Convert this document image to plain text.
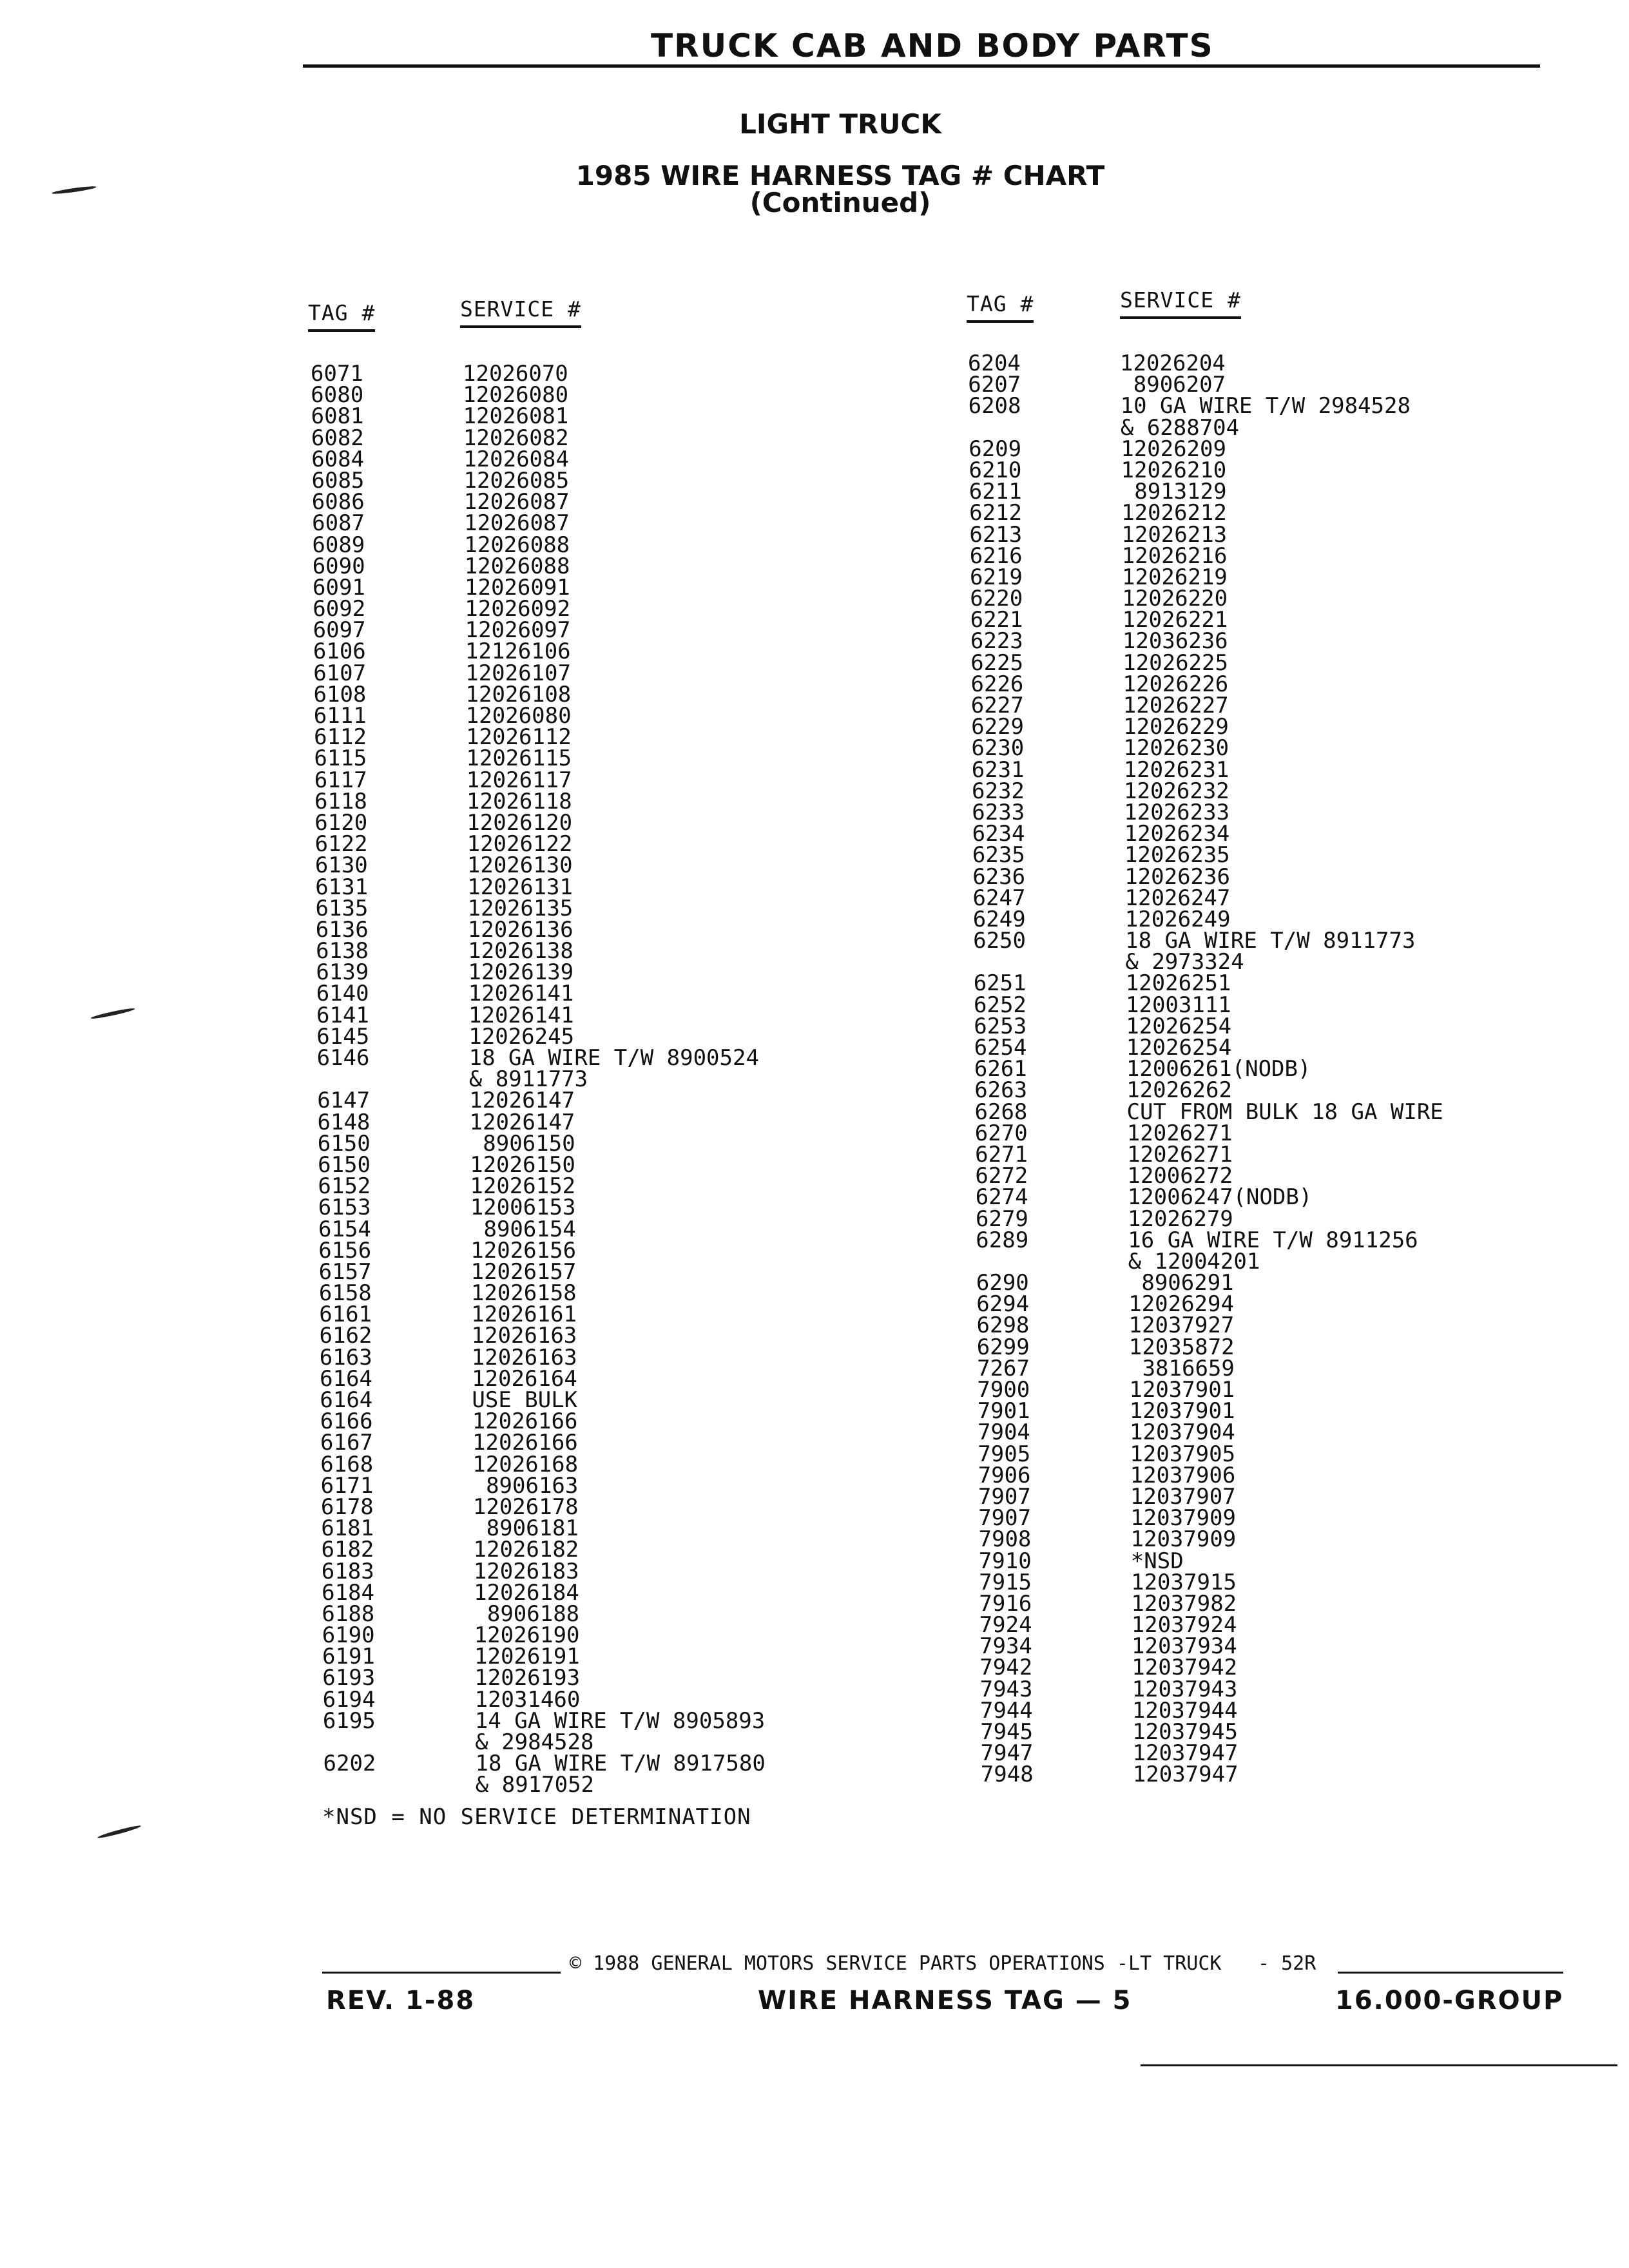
TRUCK CAB AND BODY PARTS
LIGHT TRUCK
1985 WIRE HARNESS TAG # CHART
(Continued)
TAG #	SERVICE #
6071	12026070
6080	12026080
6081	12026081
6082	12026082
6084	12026084
6085	12026085
6086	12026087
6087	12026087
6089	12026088
6090	12026088
6091	12026091
6092	12026092
6097	12026097
6106	12126106
6107	12026107
6108	12026108
6111	12026080
6112	12026112
6115	12026115
6117	12026117
6118	12026118
6120	12026120
6122	12026122
6130	12026130
6131	12026131
6135	12026135
6136	12026136
6138	12026138
6139	12026139
6140	12026141
6141	12026141
6145	12026245
6146	18 GA WIRE T/W 8900524
& 8911773
6147	12026147
6148	12026147
6150	8906150
6150	12026150
6152	12026152
6153	12006153
6154	8906154
6156	12026156
6157	12026157
6158	12026158
6161	12026161
6162	12026163
6163	12026163
6164	12026164
6164	USE BULK
6166	12026166
6167	12026166
6168	12026168
6171	8906163
6178	12026178
6181	8906181
6182	12026182
6183	12026183
6184	12026184
6188	8906188
6190	12026190
6191	12026191
6193	12026193
6194	12031460
6195	14 GA WIRE T/W 8905893
& 2984528
6202	18 GA WIRE T/W 8917580
& 8917052
TAG #	SERVICE #
6204	12026204
6207	8906207
6208	10 GA WIRE T/W 2984528
& 6288704
6209	12026209
6210	12026210
6211	8913129
6212	12026212
6213	12026213
6216	12026216
6219	12026219
6220	12026220
6221	12026221
6223	12036236
6225	12026225
6226	12026226
6227	12026227
6229	12026229
6230	12026230
6231	12026231
6232	12026232
6233	12026233
6234	12026234
6235	12026235
6236	12026236
6247	12026247
6249	12026249
6250	18 GA WIRE T/W 8911773
& 2973324
6251	12026251
6252	12003111
6253	12026254
6254	12026254
6261	12006261(NODB)
6263	12026262
6268	CUT FROM BULK 18 GA WIRE
6270	12026271
6271	12026271
6272	12006272
6274	12006247(NODB)
6279	12026279
6289	16 GA WIRE T/W 8911256
& 12004201
6290	8906291
6294	12026294
6298	12037927
6299	12035872
7267	3816659
7900	12037901
7901	12037901
7904	12037904
7905	12037905
7906	12037906
7907	12037907
7907	12037909
7908	12037909
7910	*NSD
7915	12037915
7916	12037982
7924	12037924
7934	12037934
7942	12037942
7943	12037943
7944	12037944
7945	12037945
7947	12037947
7948	12037947
*NSD = NO SERVICE DETERMINATION
© 1988 GENERAL MOTORS SERVICE PARTS OPERATIONS -LT TRUCK - 52R
REV. 1-88	WIRE HARNESS TAG — 5	16.000-GROUP
